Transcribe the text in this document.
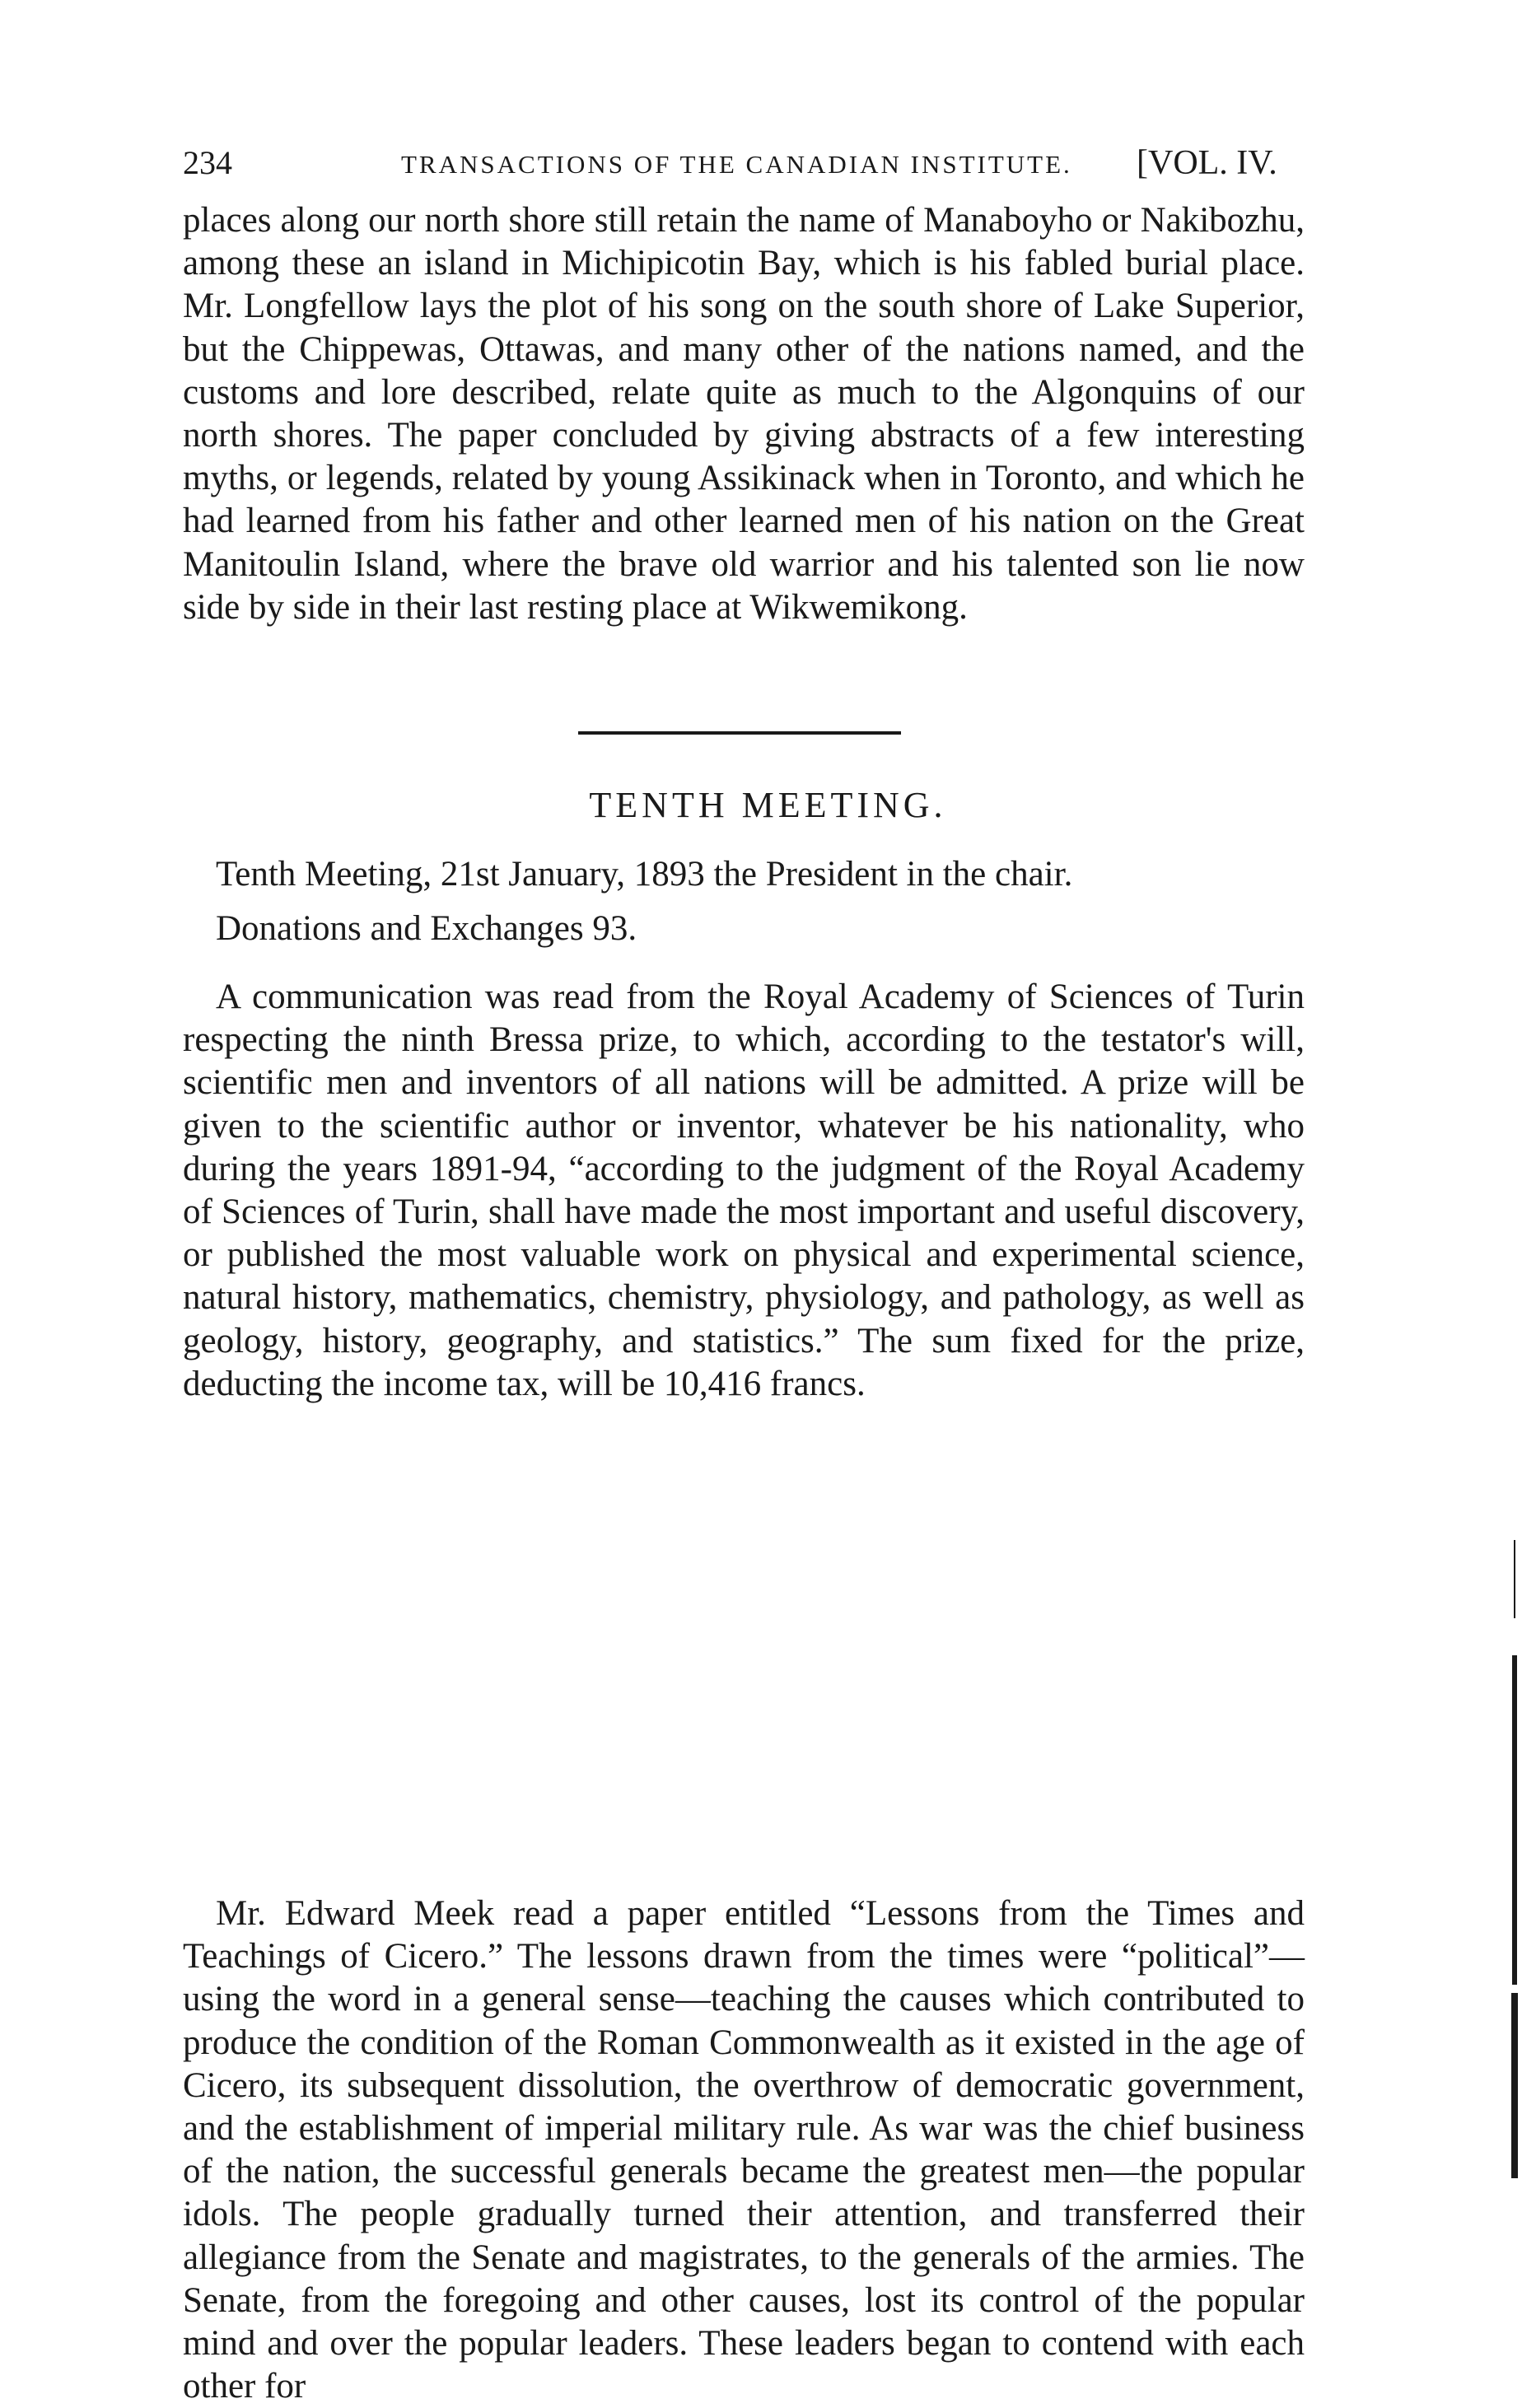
234	TRANSACTIONS OF THE CANADIAN INSTITUTE. [VOL. IV.

places along our north shore still retain the name of Manaboyho or Nakibozhu, among these an island in Michipicotin Bay, which is his fabled burial place. Mr. Longfellow lays the plot of his song on the south shore of Lake Superior, but the Chippewas, Ottawas, and many other of the nations named, and the customs and lore described, relate quite as much to the Algonquins of our north shores. The paper concluded by giving abstracts of a few interesting myths, or legends, related by young Assikinack when in Toronto, and which he had learned from his father and other learned men of his nation on the Great Manitoulin Island, where the brave old warrior and his talented son lie now side by side in their last resting place at Wikwemikong.

TENTH MEETING.

Tenth Meeting, 21st January, 1893 the President in the chair.

Donations and Exchanges 93.

A communication was read from the Royal Academy of Sciences of Turin respecting the ninth Bressa prize, to which, according to the testator's will, scientific men and inventors of all nations will be admitted. A prize will be given to the scientific author or inventor, whatever be his nationality, who during the years 1891-94, “according to the judgment of the Royal Academy of Sciences of Turin, shall have made the most important and useful discovery, or published the most valuable work on physical and experimental science, natural history, mathematics, chemistry, physiology, and pathology, as well as geology, history, geography, and statistics.” The sum fixed for the prize, deducting the income tax, will be 10,416 francs.

Mr. Edward Meek read a paper entitled “Lessons from the Times and Teachings of Cicero.” The lessons drawn from the times were “political”—using the word in a general sense—teaching the causes which contributed to produce the condition of the Roman Commonwealth as it existed in the age of Cicero, its subsequent dissolution, the overthrow of democratic government, and the establishment of imperial military rule. As war was the chief business of the nation, the successful generals became the greatest men—the popular idols. The people gradually turned their attention, and transferred their allegiance from the Senate and magistrates, to the generals of the armies. The Senate, from the foregoing and other causes, lost its control of the popular mind and over the popular leaders. These leaders began to contend with each other for
